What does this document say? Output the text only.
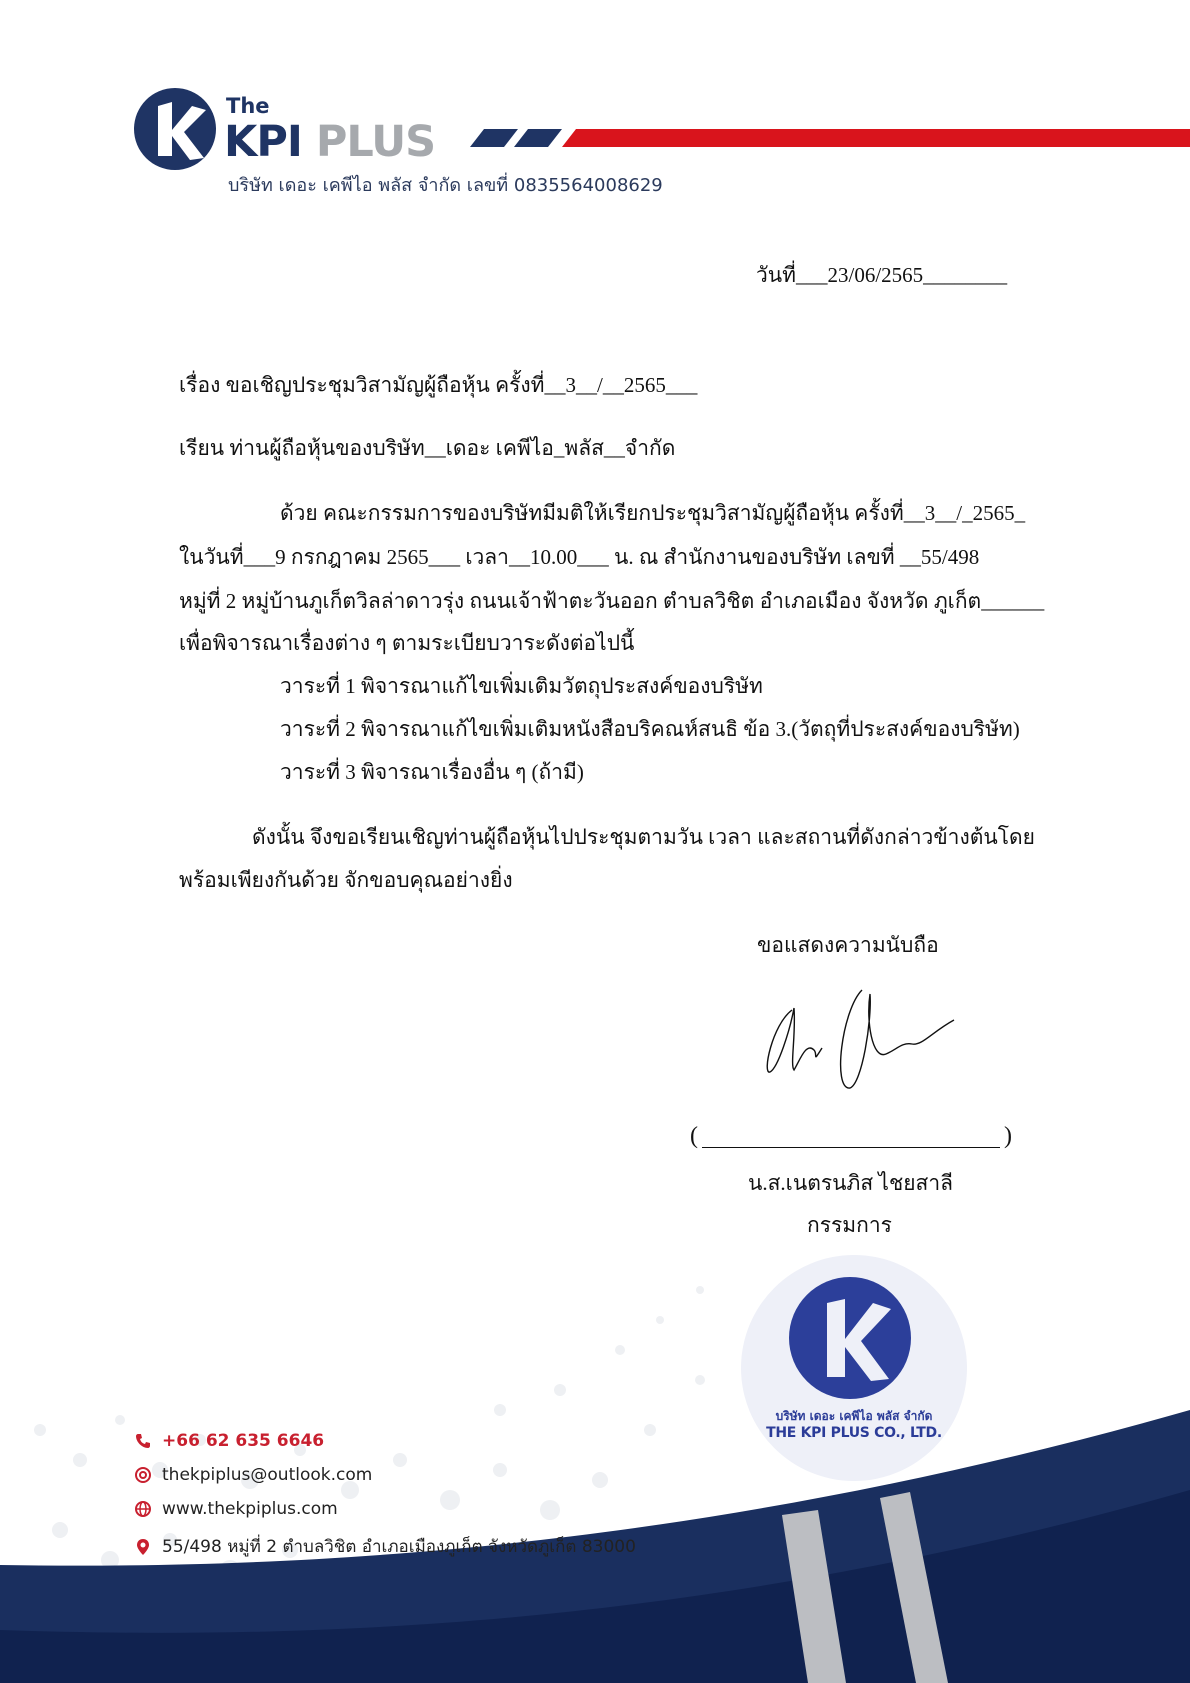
The
KPI PLUS
บริษัท เดอะ เคพีไอ พลัส จำกัด เลขที่ 0835564008629
วันที่___23/06/2565________
เรื่อง ขอเชิญประชุมวิสามัญผู้ถือหุ้น ครั้งที่__3__/__2565___
เรียน ท่านผู้ถือหุ้นของบริษัท__เดอะ เคพีไอ_พลัส__จำกัด
ด้วย คณะกรรมการของบริษัทมีมติให้เรียกประชุมวิสามัญผู้ถือหุ้น ครั้งที่__3__/_2565_
ในวันที่___9 กรกฎาคม 2565___ เวลา__10.00___ น. ณ สำนักงานของบริษัท เลขที่ __55/498
หมู่ที่ 2 หมู่บ้านภูเก็ตวิลล่าดาวรุ่ง ถนนเจ้าฟ้าตะวันออก ตำบลวิชิต อำเภอเมือง จังหวัด ภูเก็ต______
เพื่อพิจารณาเรื่องต่าง ๆ ตามระเบียบวาระดังต่อไปนี้
วาระที่ 1 พิจารณาแก้ไขเพิ่มเติมวัตถุประสงค์ของบริษัท
วาระที่ 2 พิจารณาแก้ไขเพิ่มเติมหนังสือบริคณห์สนธิ ข้อ 3.(วัตถุที่ประสงค์ของบริษัท)
วาระที่ 3 พิจารณาเรื่องอื่น ๆ (ถ้ามี)
ดังนั้น จึงขอเรียนเชิญท่านผู้ถือหุ้นไปประชุมตามวัน เวลา และสถานที่ดังกล่าวข้างต้นโดย
พร้อมเพียงกันด้วย จักขอบคุณอย่างยิ่ง
ขอแสดงความนับถือ
(	)
น.ส.เนตรนภิส ไชยสาลี
กรรมการ
บริษัท เดอะ เคพีไอ พลัส จำกัด
THE KPI PLUS CO., LTD.
+66 62 635 6646
thekpiplus@outlook.com
www.thekpiplus.com
55/498 หมู่ที่ 2 ตำบลวิชิต อำเภอเมืองภูเก็ต จังหวัดภูเก็ต 83000
